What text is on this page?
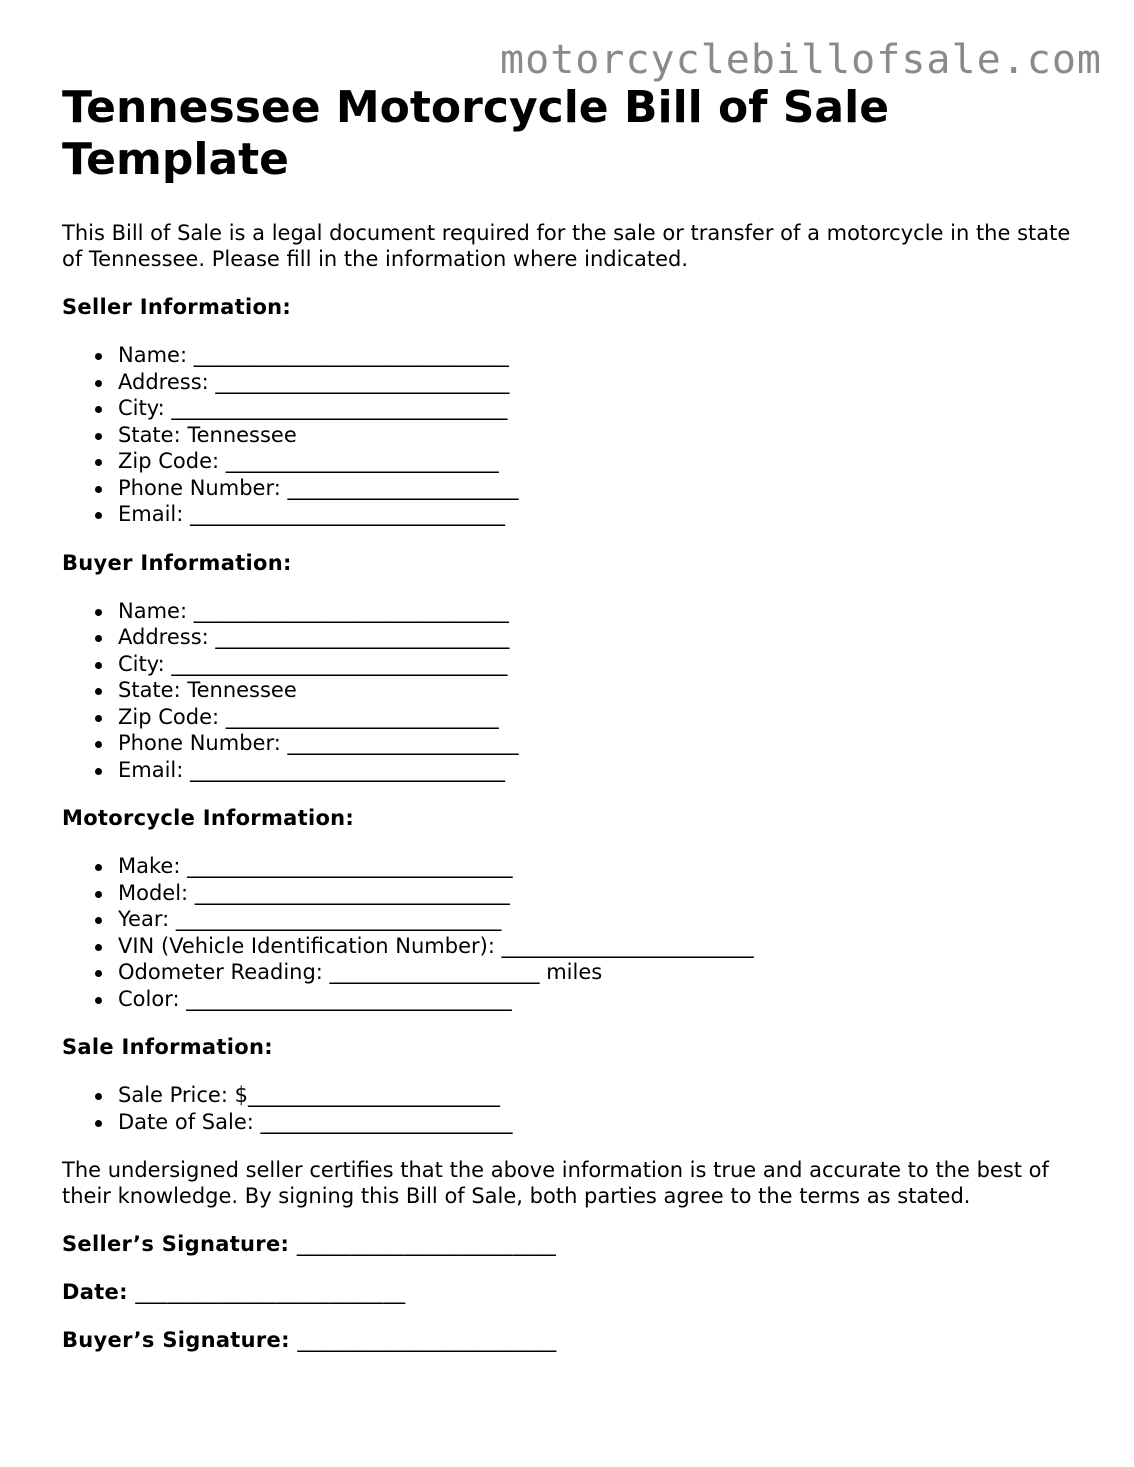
motorcyclebillofsale.com
Tennessee Motorcycle Bill of Sale Template

This Bill of Sale is a legal document required for the sale or transfer of a motorcycle in the state of Tennessee. Please fill in the information where indicated.

Seller Information:
Name: ______________________________
Address: ____________________________
City: ________________________________
State: Tennessee
Zip Code: __________________________
Phone Number: ______________________
Email: ______________________________
Buyer Information:
Name: ______________________________
Address: ____________________________
City: ________________________________
State: Tennessee
Zip Code: __________________________
Phone Number: ______________________
Email: ______________________________
Motorcycle Information:
Make: _______________________________
Model: ______________________________
Year: _______________________________
VIN (Vehicle Identification Number): ________________________
Odometer Reading: ____________________ miles
Color: _______________________________
Sale Information:
Sale Price: $________________________
Date of Sale: ________________________

The undersigned seller certifies that the above information is true and accurate to the best of their knowledge. By signing this Bill of Sale, both parties agree to the terms as stated.

Seller’s Signature: ________________________
Date: _________________________
Buyer’s Signature: ________________________
